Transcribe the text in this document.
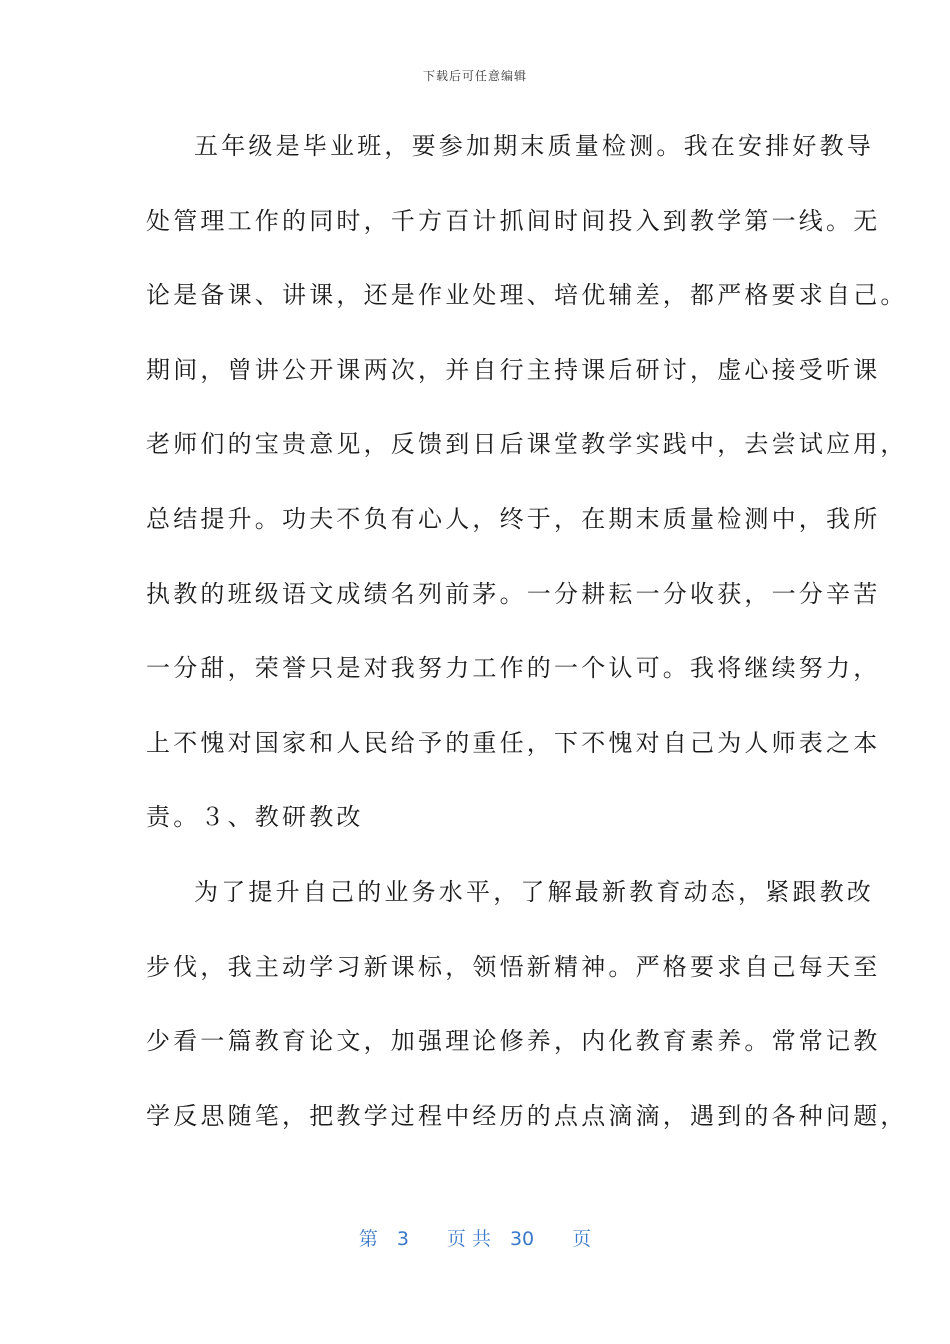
下载后可任意编辑
五年级是毕业班，要参加期末质量检测。我在安排好教导
处管理工作的同时，千方百计抓间时间投入到教学第一线。无
论是备课、讲课，还是作业处理、培优辅差，都严格要求自己。
期间，曾讲公开课两次，并自行主持课后研讨，虚心接受听课
老师们的宝贵意见，反馈到日后课堂教学实践中，去尝试应用，
总结提升。功夫不负有心人，终于，在期末质量检测中，我所
执教的班级语文成绩名列前茅。一分耕耘一分收获，一分辛苦
一分甜，荣誉只是对我努力工作的一个认可。我将继续努力，
上不愧对国家和人民给予的重任，下不愧对自己为人师表之本
责。３、教研教改
为了提升自己的业务水平，了解最新教育动态，紧跟教改
步伐，我主动学习新课标，领悟新精神。严格要求自己每天至
少看一篇教育论文，加强理论修养，内化教育素养。常常记教
学反思随笔，把教学过程中经历的点点滴滴，遇到的各种问题，
第　3　　页 共　30　　页
